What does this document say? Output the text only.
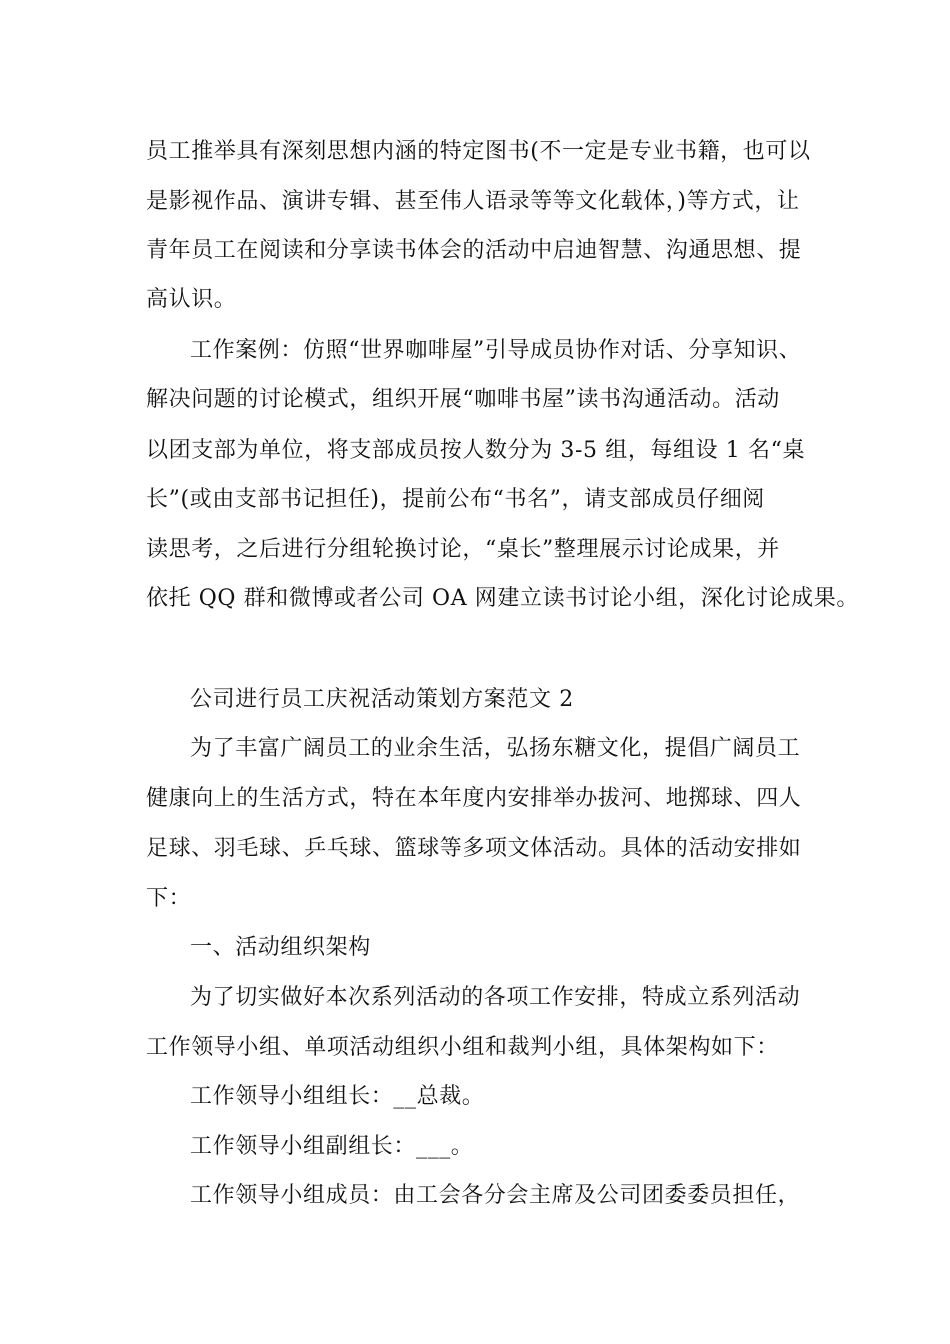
员工推举具有深刻思想内涵的特定图书(不一定是专业书籍，也可以

是影视作品、演讲专辑、甚至伟人语录等等文化载体，)等方式，让

青年员工在阅读和分享读书体会的活动中启迪智慧、沟通思想、提

高认识。

工作案例：仿照“世界咖啡屋”引导成员协作对话、分享知识、

解决问题的讨论模式，组织开展“咖啡书屋”读书沟通活动。活动

以团支部为单位，将支部成员按人数分为 3-5 组，每组设 1 名“桌

长”(或由支部书记担任)，提前公布“书名”，请支部成员仔细阅

读思考，之后进行分组轮换讨论，“桌长”整理展示讨论成果，并

依托 QQ 群和微博或者公司 OA 网建立读书讨论小组，深化讨论成果。

公司进行员工庆祝活动策划方案范文 2

为了丰富广阔员工的业余生活，弘扬东糖文化，提倡广阔员工

健康向上的生活方式，特在本年度内安排举办拔河、地掷球、四人

足球、羽毛球、乒乓球、篮球等多项文体活动。具体的活动安排如

下：

一、活动组织架构

为了切实做好本次系列活动的各项工作安排，特成立系列活动

工作领导小组、单项活动组织小组和裁判小组，具体架构如下：

工作领导小组组长：__总裁。

工作领导小组副组长：___。

工作领导小组成员：由工会各分会主席及公司团委委员担任，
